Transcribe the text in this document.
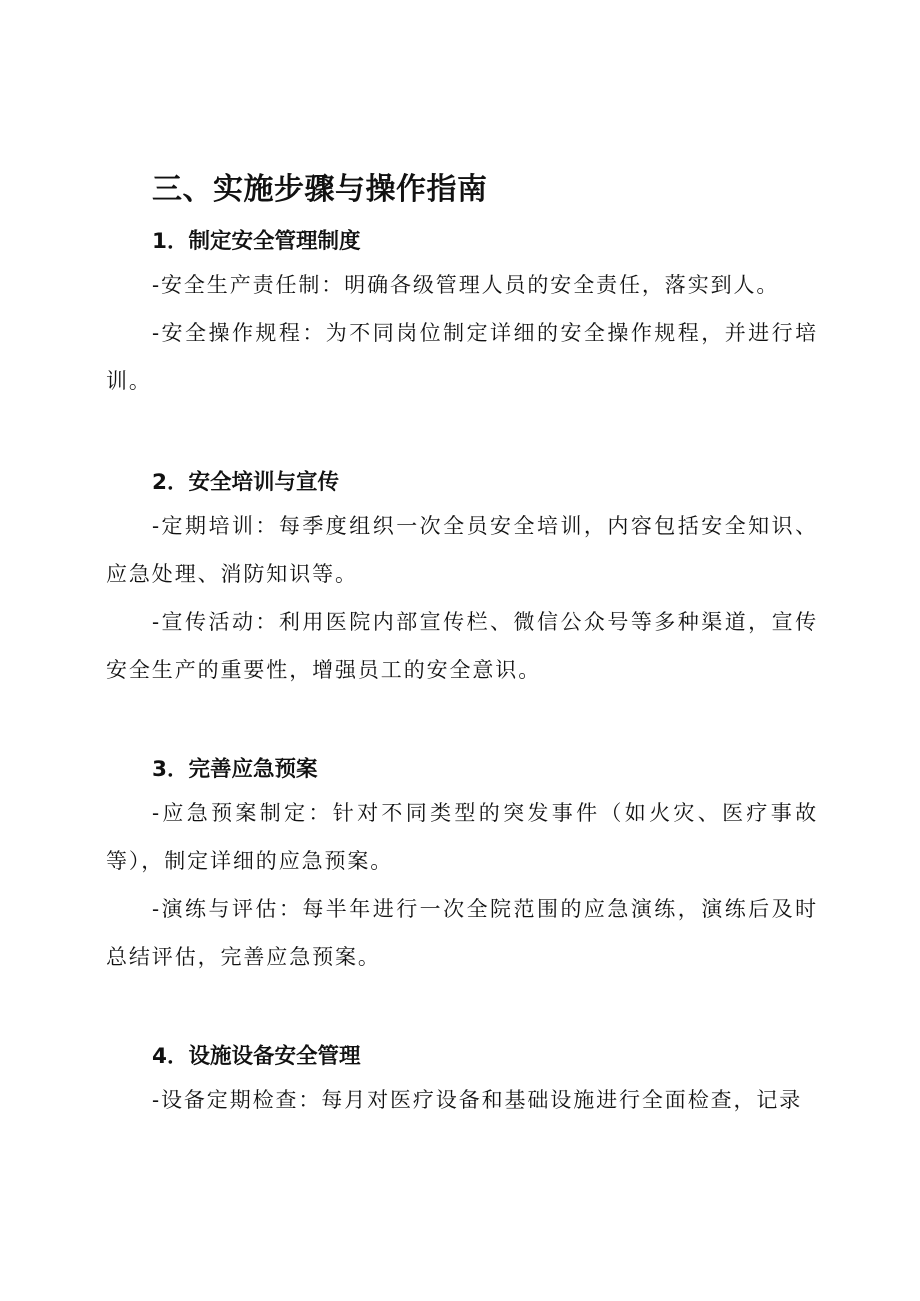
三、实施步骤与操作指南
1．制定安全管理制度

-安全生产责任制：明确各级管理人员的安全责任，落实到人。

-安全操作规程：为不同岗位制定详细的安全操作规程，并进行培训。

2．安全培训与宣传

-定期培训：每季度组织一次全员安全培训，内容包括安全知识、应急处理、消防知识等。

-宣传活动：利用医院内部宣传栏、微信公众号等多种渠道，宣传安全生产的重要性，增强员工的安全意识。

3．完善应急预案

-应急预案制定：针对不同类型的突发事件（如火灾、医疗事故等），制定详细的应急预案。

-演练与评估：每半年进行一次全院范围的应急演练，演练后及时总结评估，完善应急预案。

4．设施设备安全管理

-设备定期检查：每月对医疗设备和基础设施进行全面检查，记录
